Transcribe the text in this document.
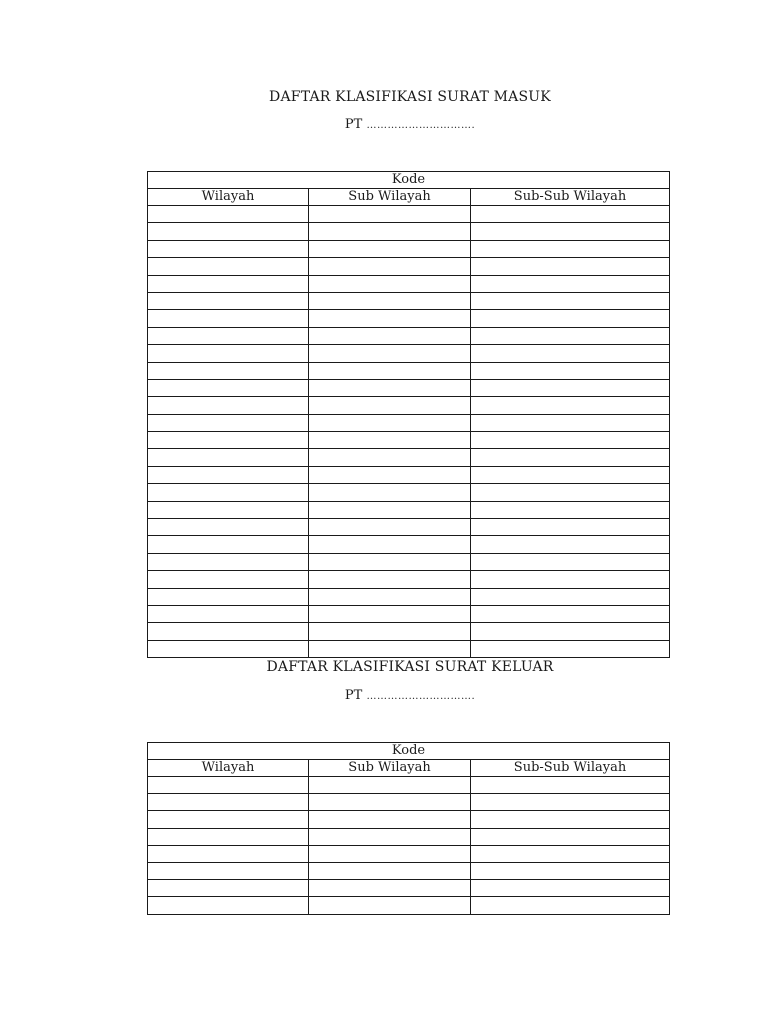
DAFTAR KLASIFIKASI SURAT MASUK
PT ………………………….
Kode		
Wilayah	Sub Wilayah	Sub-Sub Wilayah

DAFTAR KLASIFIKASI SURAT KELUAR
PT ………………………….
Kode		
Wilayah	Sub Wilayah	Sub-Sub Wilayah
